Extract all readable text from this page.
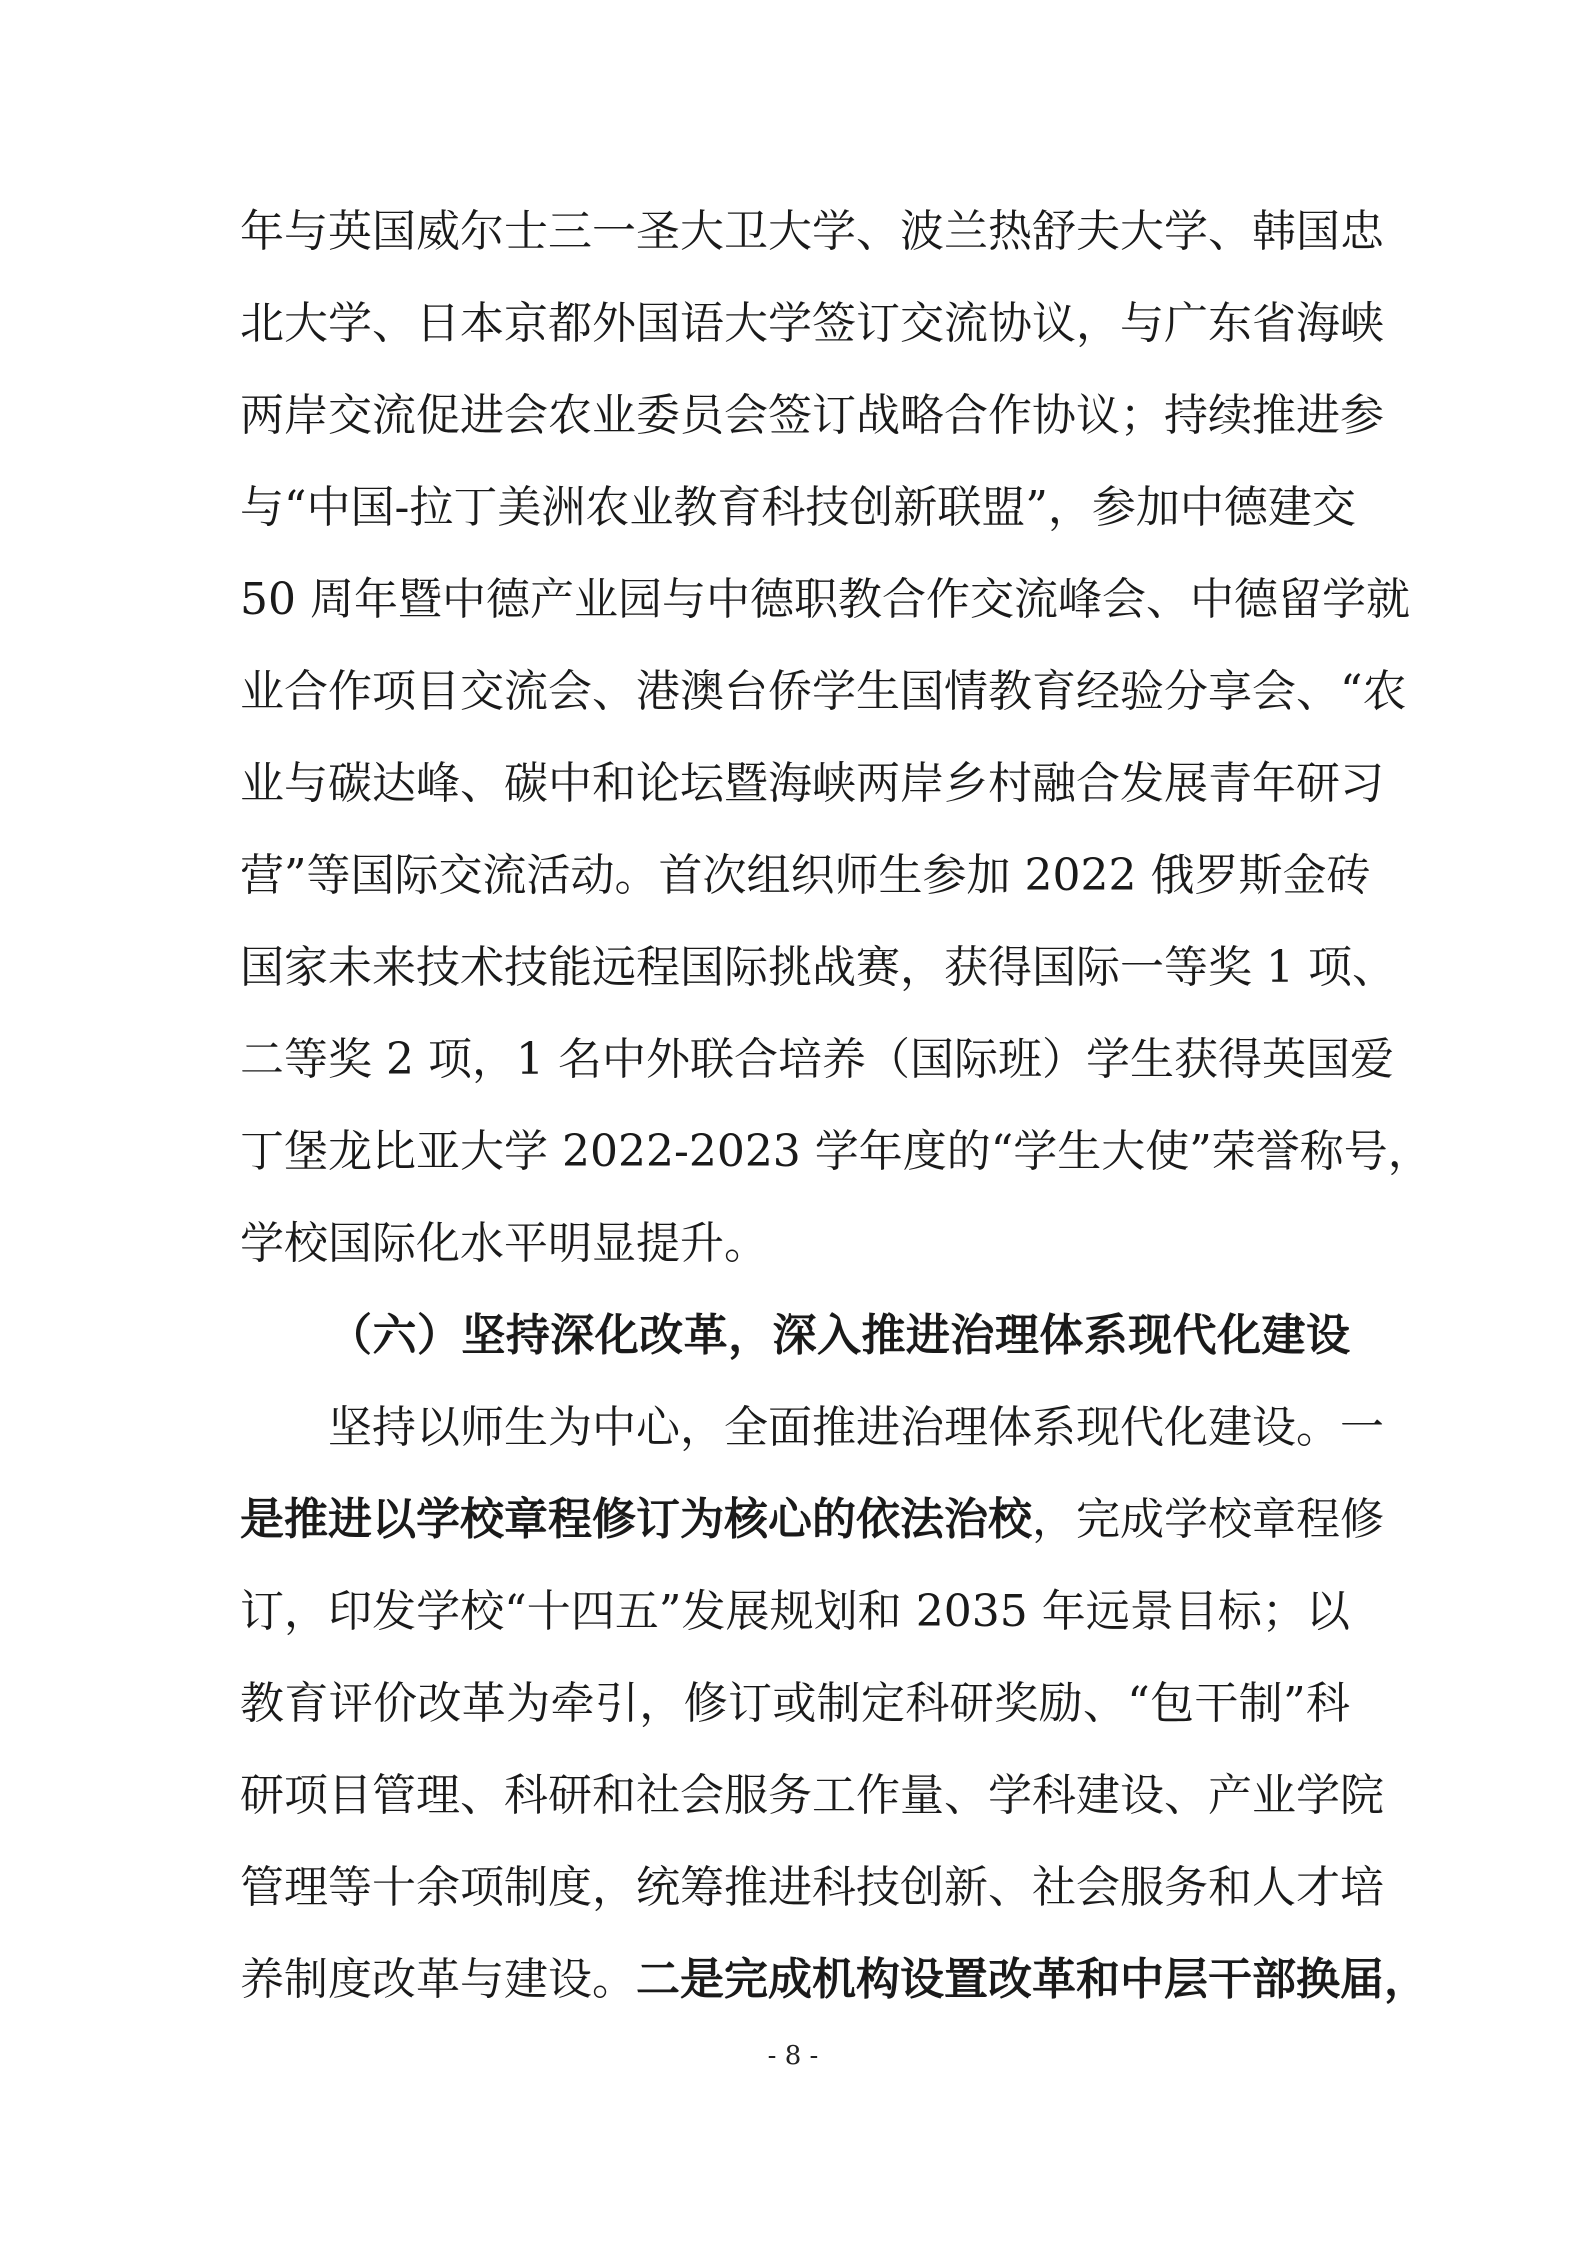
年与英国威尔士三一圣大卫大学、波兰热舒夫大学、韩国忠
北大学、日本京都外国语大学签订交流协议，与广东省海峡
两岸交流促进会农业委员会签订战略合作协议；持续推进参
与“中国-拉丁美洲农业教育科技创新联盟”，参加中德建交
50 周年暨中德产业园与中德职教合作交流峰会、中德留学就
业合作项目交流会、港澳台侨学生国情教育经验分享会、“农
业与碳达峰、碳中和论坛暨海峡两岸乡村融合发展青年研习
营”等国际交流活动。首次组织师生参加 2022 俄罗斯金砖
国家未来技术技能远程国际挑战赛，获得国际一等奖 1 项、
二等奖 2 项，1 名中外联合培养（国际班）学生获得英国爱
丁堡龙比亚大学 2022-2023 学年度的“学生大使”荣誉称号，
学校国际化水平明显提升。
（六）坚持深化改革，深入推进治理体系现代化建设
坚持以师生为中心，全面推进治理体系现代化建设。一
是推进以学校章程修订为核心的依法治校，完成学校章程修
订，印发学校“十四五”发展规划和 2035 年远景目标；以
教育评价改革为牵引，修订或制定科研奖励、“包干制”科
研项目管理、科研和社会服务工作量、学科建设、产业学院
管理等十余项制度，统筹推进科技创新、社会服务和人才培
养制度改革与建设。二是完成机构设置改革和中层干部换届，
- 8 -
